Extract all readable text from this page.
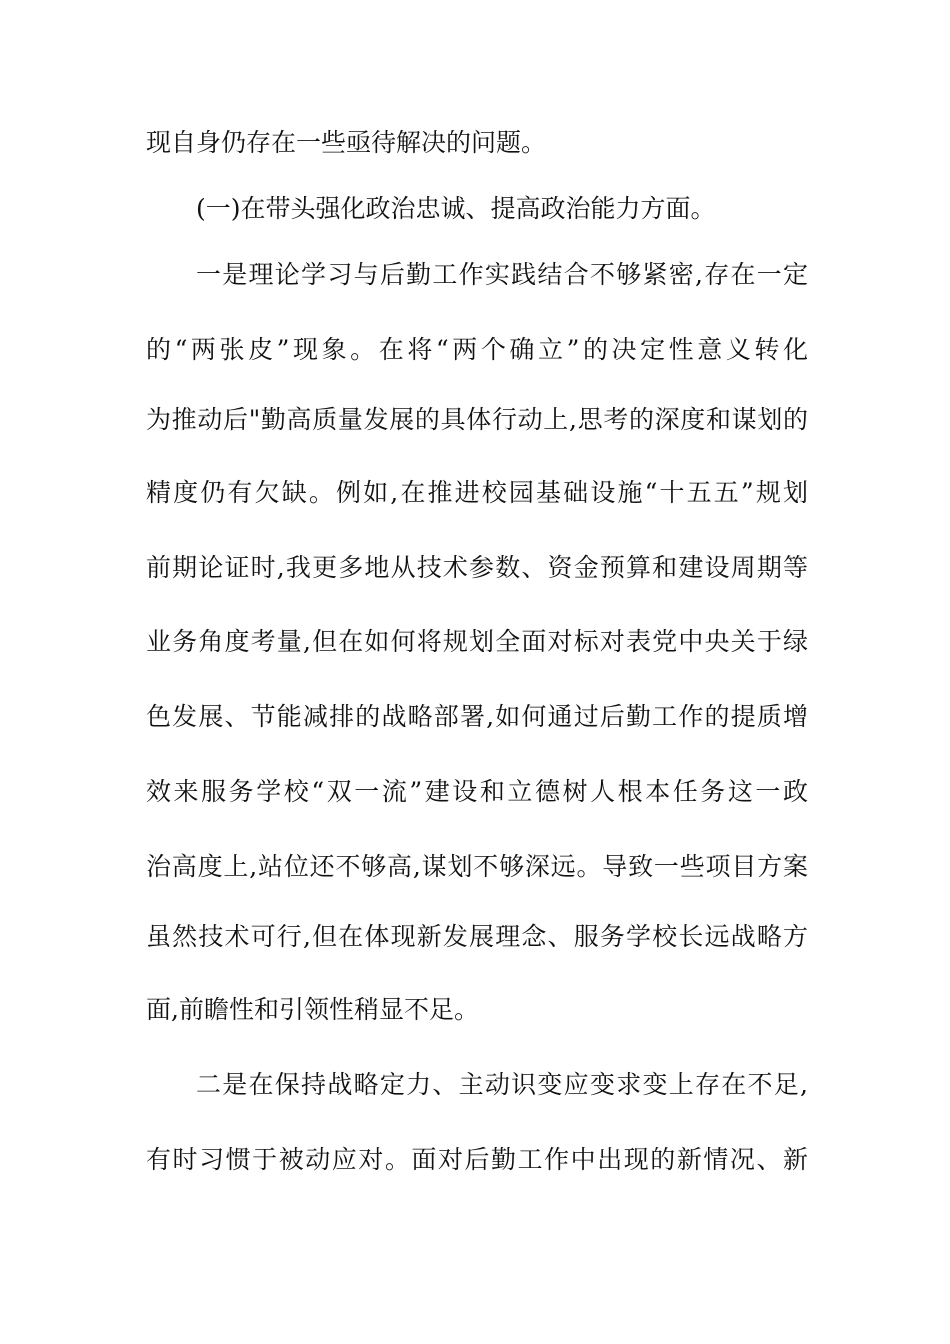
现自身仍存在一些亟待解决的问题。
(一)在带头强化政治忠诚、提高政治能力方面。
一是理论学习与后勤工作实践结合不够紧密,存在一定
的“两张皮”现象。在将“两个确立”的决定性意义转化
为推动后"勤高质量发展的具体行动上,思考的深度和谋划的
精度仍有欠缺。例如,在推进校园基础设施“十五五”规划
前期论证时,我更多地从技术参数、资金预算和建设周期等
业务角度考量,但在如何将规划全面对标对表党中央关于绿
色发展、节能减排的战略部署,如何通过后勤工作的提质增
效来服务学校“双一流”建设和立德树人根本任务这一政
治高度上,站位还不够高,谋划不够深远。导致一些项目方案
虽然技术可行,但在体现新发展理念、服务学校长远战略方
面,前瞻性和引领性稍显不足。
二是在保持战略定力、主动识变应变求变上存在不足,
有时习惯于被动应对。面对后勤工作中出现的新情况、新
